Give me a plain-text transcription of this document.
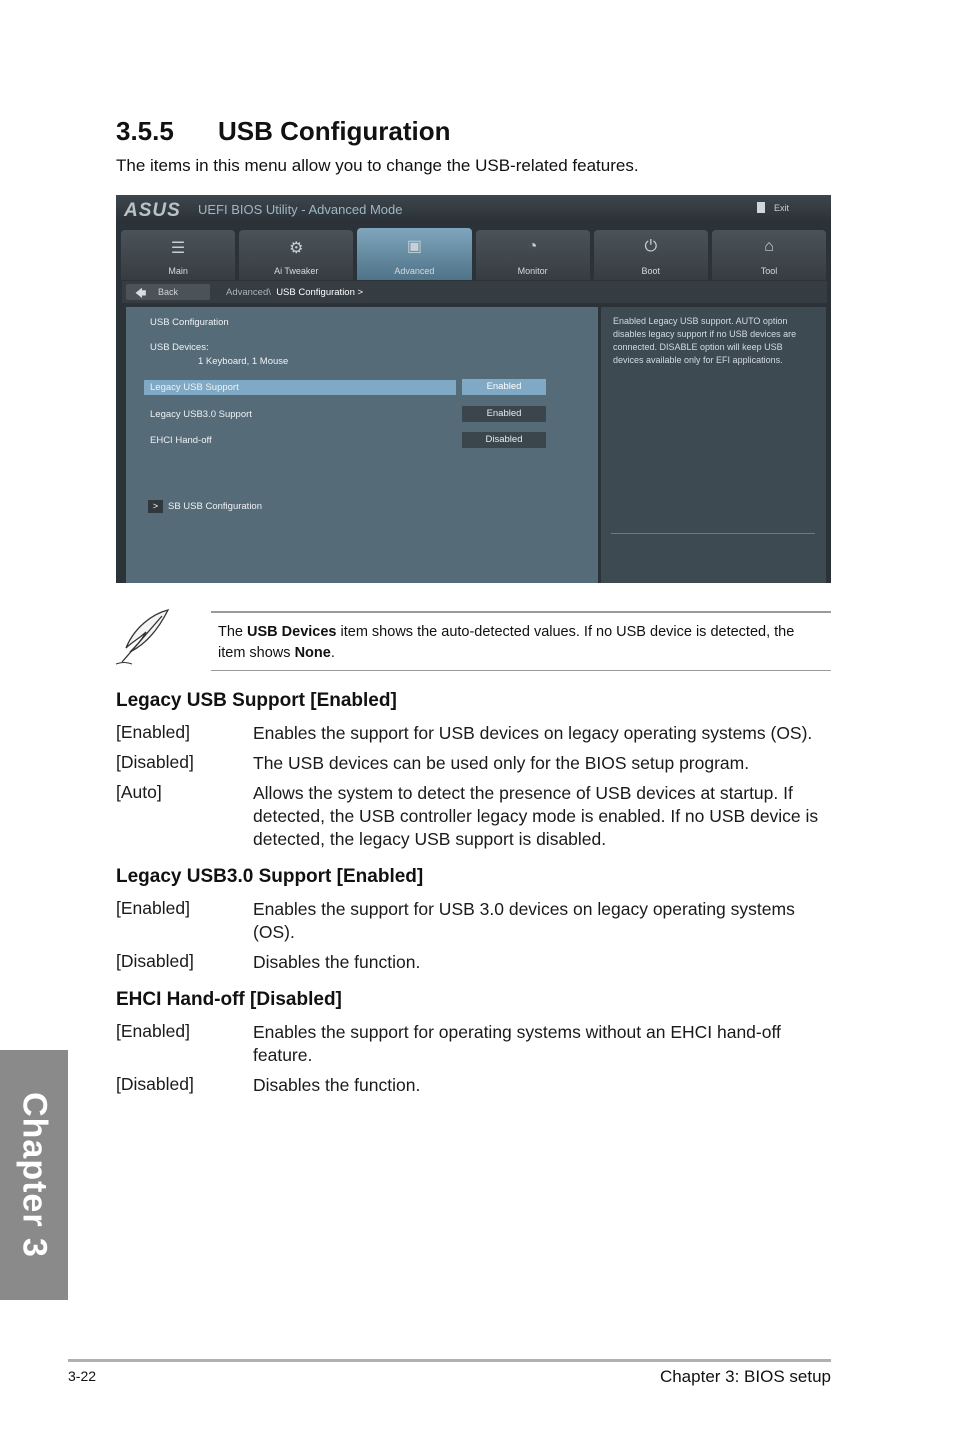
Chapter 3
3.5.5 USB Configuration
The items in this menu allow you to change the USB-related features.
ASUS UEFI BIOS Utility - Advanced Mode	Exit
☰
Main
⚙
Ai Tweaker
▣
Advanced
◔
Monitor
⏻
Boot
⌂
Tool
🡄 Back	Advanced\ USB Configuration >
USB Configuration
USB Devices:
1 Keyboard, 1 Mouse
Legacy USB Support	Enabled
Legacy USB3.0 Support	Enabled
EHCI Hand-off	Disabled
>	SB USB Configuration
Enabled Legacy USB support. AUTO option disables legacy support if no USB devices are connected. DISABLE option will keep USB devices available only for EFI applications.
The USB Devices item shows the auto-detected values. If no USB device is detected, the item shows None.
Legacy USB Support [Enabled]
[Enabled]	Enables the support for USB devices on legacy operating systems (OS).
[Disabled]	The USB devices can be used only for the BIOS setup program.
[Auto]	Allows the system to detect the presence of USB devices at startup. If detected, the USB controller legacy mode is enabled. If no USB device is detected, the legacy USB support is disabled.
Legacy USB3.0 Support [Enabled]
[Enabled]	Enables the support for USB 3.0 devices on legacy operating systems (OS).
[Disabled]	Disables the function.
EHCI Hand-off [Disabled]
[Enabled]	Enables the support for operating systems without an EHCI hand-off feature.
[Disabled]	Disables the function.
3-22	Chapter 3: BIOS setup
